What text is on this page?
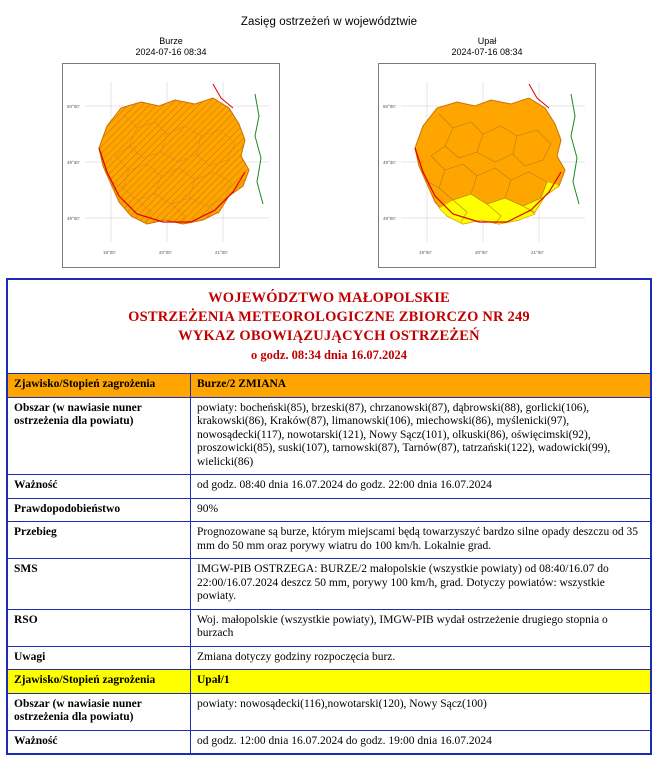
Zasięg ostrzeżeń w województwie
Burze
2024-07-16 08:34
19°00'	20°00'	21°00'
50°00'
49°30'
49°00'
Upał
2024-07-16 08:34
19°00'	20°00'	21°00'
50°00'
49°30'
49°00'
WOJEWÓDZTWO MAŁOPOLSKIE
OSTRZEŻENIA METEOROLOGICZNE ZBIORCZO NR 249
WYKAZ OBOWIĄZUJĄCYCH OSTRZEŻEŃ
o godz. 08:34 dnia 16.07.2024	

Zjawisko/Stopień zagrożenia	Burze/2 ZMIANA
Obszar (w nawiasie nuner ostrzeżenia dla powiatu)	powiaty: bocheński(85), brzeski(87), chrzanowski(87), dąbrowski(88), gorlicki(106), krakowski(86), Kraków(87), limanowski(106), miechowski(86), myślenicki(97), nowosądecki(117), nowotarski(121), Nowy Sącz(101), olkuski(86), oświęcimski(92), proszowicki(85), suski(107), tarnowski(87), Tarnów(87), tatrzański(122), wadowicki(99), wielicki(86)
Ważność	od godz. 08:40 dnia 16.07.2024 do godz. 22:00 dnia 16.07.2024
Prawdopodobieństwo	90%
Przebieg	Prognozowane są burze, którym miejscami będą towarzyszyć bardzo silne opady deszczu od 35 mm do 50 mm oraz porywy wiatru do 100 km/h. Lokalnie grad.
SMS	IMGW-PIB OSTRZEGA: BURZE/2 małopolskie (wszystkie powiaty) od 08:40/16.07 do 22:00/16.07.2024 deszcz 50 mm, porywy 100 km/h, grad. Dotyczy powiatów: wszystkie powiaty.
RSO	Woj. małopolskie (wszystkie powiaty), IMGW-PIB wydał ostrzeżenie drugiego stopnia o burzach
Uwagi	Zmiana dotyczy godziny rozpoczęcia burz.
Zjawisko/Stopień zagrożenia	Upał/1
Obszar (w nawiasie nuner ostrzeżenia dla powiatu)	powiaty: nowosądecki(116),nowotarski(120), Nowy Sącz(100)
Ważność	od godz. 12:00 dnia 16.07.2024 do godz. 19:00 dnia 16.07.2024
